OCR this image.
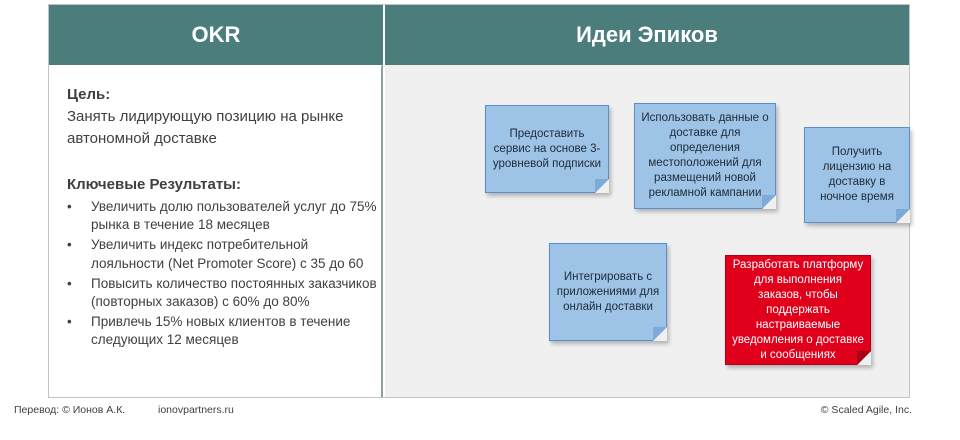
OKR	Идеи Эпиков
Цель:
Занять лидирующую позицию на рынке автономной доставке
Ключевые Результаты:
• Увеличить долю пользователей услуг до 75% рынка в течение 18 месяцев
• Увеличить индекс потребительной лояльности (Net Promoter Score) с 35 до 60
• Повысить количество постоянных заказчиков (повторных заказов) с 60% до 80%
• Привлечь 15% новых клиентов в течение следующих 12 месяцев
Предоставить сервис на основе 3-уровневой подписки
Использовать данные о доставке для определения местоположений для размещений новой рекламной кампании
Получить лицензию на доставку в ночное время
Интегрировать с приложениями для онлайн доставки
Разработать платформу для выполнения заказов, чтобы поддержать настраиваемые уведомления о доставке и сообщениях
Перевод: © Ионов А.К.	ionovpartners.ru	© Scaled Agile, Inc.
